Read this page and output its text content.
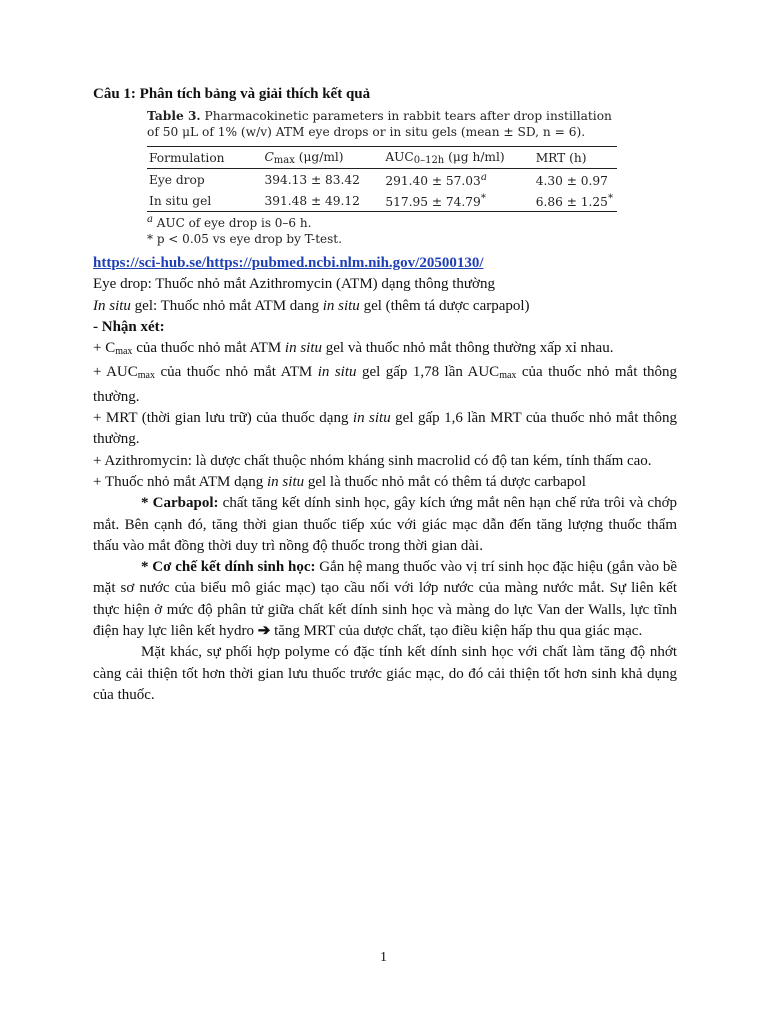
Câu 1: Phân tích bảng và giải thích kết quả
Table 3. Pharmacokinetic parameters in rabbit tears after drop instillation of 50 μL of 1% (w/v) ATM eye drops or in situ gels (mean ± SD, n = 6).
Formulation	$C_{max}$ (μg/ml)	$AUC_{0-12h}$ (μg h/ml)	MRT (h)
Eye drop	394.13 ± 83.42	291.40 ± 57.03$^a$	4.30 ± 0.97
In situ gel	391.48 ± 49.12	517.95 ± 74.79*	6.86 ± 1.25*
$^a$ AUC of eye drop is 0–6 h.
* p < 0.05 vs eye drop by T-test.

https://sci-hub.se/https://pubmed.ncbi.nlm.nih.gov/20500130/

Eye drop: Thuốc nhỏ mắt Azithromycin (ATM) dạng thông thường

In situ gel: Thuốc nhỏ mắt ATM dang in situ gel (thêm tá dược carpapol)

- Nhận xét:

+ $C_{max}$ của thuốc nhỏ mắt ATM in situ gel và thuốc nhỏ mắt thông thường xấp xỉ nhau.

+ $AUC_{max}$ của thuốc nhỏ mắt ATM in situ gel gấp 1,78 lần $AUC_{max}$ của thuốc nhỏ mắt thông thường.

+ MRT (thời gian lưu trữ) của thuốc dạng in situ gel gấp 1,6 lần MRT của thuốc nhỏ mắt thông thường.

+ Azithromycin: là dược chất thuộc nhóm kháng sinh macrolid có độ tan kém, tính thấm cao.

+ Thuốc nhỏ mắt ATM dạng in situ gel là thuốc nhỏ mắt có thêm tá dược carbapol

* Carbapol: chất tăng kết dính sinh học, gây kích ứng mắt nên hạn chế rửa trôi và chớp mắt. Bên cạnh đó, tăng thời gian thuốc tiếp xúc với giác mạc dẫn đến tăng lượng thuốc thẩm thấu vào mắt đồng thời duy trì nồng độ thuốc trong thời gian dài.

* Cơ chế kết dính sinh học: Gắn hệ mang thuốc vào vị trí sinh học đặc hiệu (gắn vào bề mặt sơ nước của biểu mô giác mạc) tạo cầu nối với lớp nước của màng nước mắt. Sự liên kết thực hiện ở mức độ phân tử giữa chất kết dính sinh học và màng do lực Van der Walls, lực tĩnh điện hay lực liên kết hydro ➔ tăng MRT của dược chất, tạo điều kiện hấp thu qua giác mạc.

Mặt khác, sự phối hợp polyme có đặc tính kết dính sinh học với chất làm tăng độ nhớt càng cải thiện tốt hơn thời gian lưu thuốc trước giác mạc, do đó cải thiện tốt hơn sinh khả dụng của thuốc.

1
